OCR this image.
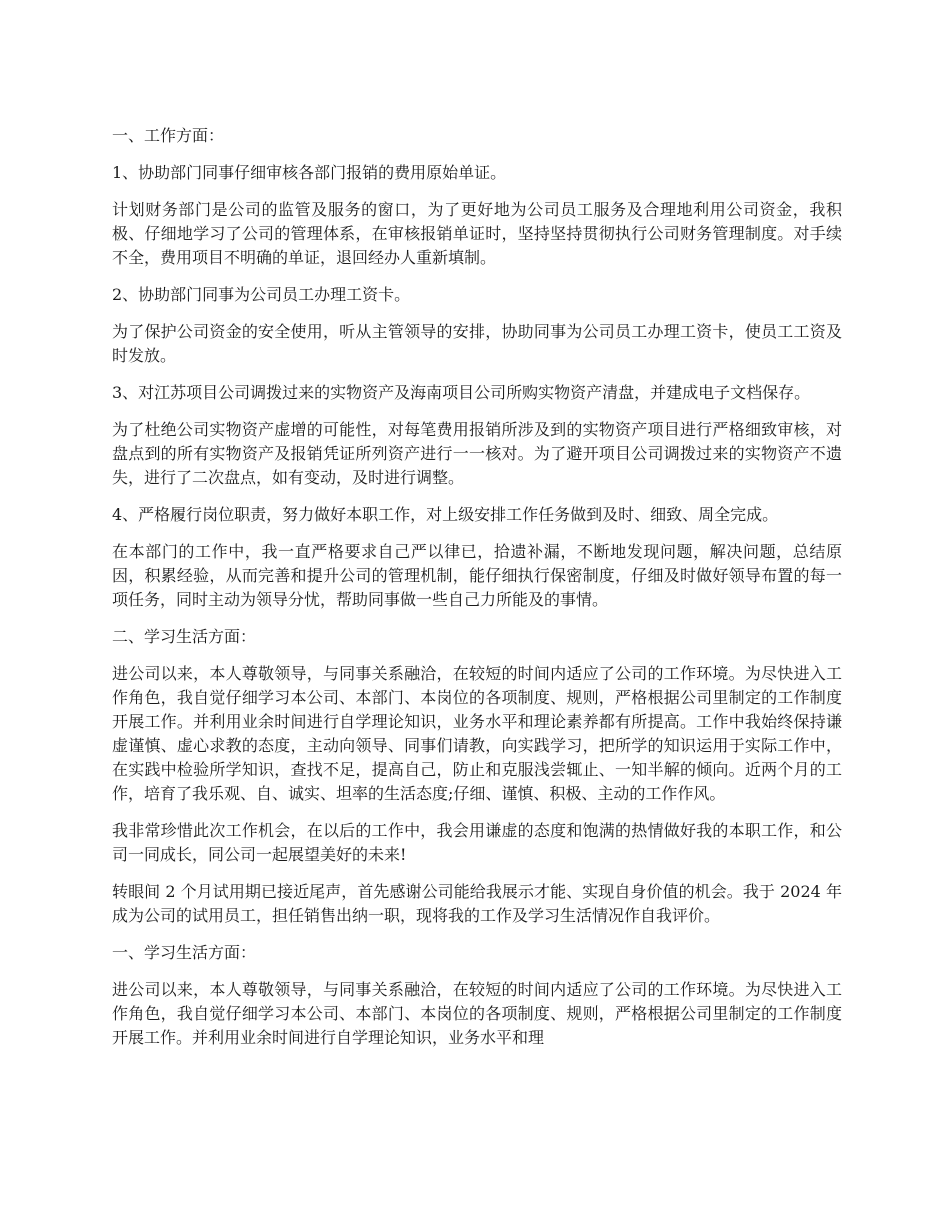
一、工作方面：

1、协助部门同事仔细审核各部门报销的费用原始单证。

计划财务部门是公司的监管及服务的窗口，为了更好地为公司员工服务及合理地利用公司资金，我积极、仔细地学习了公司的管理体系，在审核报销单证时，坚持坚持贯彻执行公司财务管理制度。对手续不全，费用项目不明确的单证，退回经办人重新填制。

2、协助部门同事为公司员工办理工资卡。

为了保护公司资金的安全使用，听从主管领导的安排，协助同事为公司员工办理工资卡，使员工工资及时发放。

3、对江苏项目公司调拨过来的实物资产及海南项目公司所购实物资产清盘，并建成电子文档保存。

为了杜绝公司实物资产虚增的可能性，对每笔费用报销所涉及到的实物资产项目进行严格细致审核，对盘点到的所有实物资产及报销凭证所列资产进行一一核对。为了避开项目公司调拨过来的实物资产不遗失，进行了二次盘点，如有变动，及时进行调整。

4、严格履行岗位职责，努力做好本职工作，对上级安排工作任务做到及时、细致、周全完成。

在本部门的工作中，我一直严格要求自己严以律已，拾遗补漏，不断地发现问题，解决问题，总结原因，积累经验，从而完善和提升公司的管理机制，能仔细执行保密制度，仔细及时做好领导布置的每一项任务，同时主动为领导分忧，帮助同事做一些自己力所能及的事情。

二、学习生活方面：

进公司以来，本人尊敬领导，与同事关系融洽，在较短的时间内适应了公司的工作环境。为尽快进入工作角色，我自觉仔细学习本公司、本部门、本岗位的各项制度、规则，严格根据公司里制定的工作制度开展工作。并利用业余时间进行自学理论知识，业务水平和理论素养都有所提高。工作中我始终保持谦虚谨慎、虚心求教的态度，主动向领导、同事们请教，向实践学习，把所学的知识运用于实际工作中，在实践中检验所学知识，查找不足，提高自己，防止和克服浅尝辄止、一知半解的倾向。近两个月的工作，培育了我乐观、自、诚实、坦率的生活态度;仔细、谨慎、积极、主动的工作作风。

我非常珍惜此次工作机会，在以后的工作中，我会用谦虚的态度和饱满的热情做好我的本职工作，和公司一同成长，同公司一起展望美好的未来!

转眼间 2 个月试用期已接近尾声，首先感谢公司能给我展示才能、实现自身价值的机会。我于 2024 年成为公司的试用员工，担任销售出纳一职，现将我的工作及学习生活情况作自我评价。

一、学习生活方面：

进公司以来，本人尊敬领导，与同事关系融洽，在较短的时间内适应了公司的工作环境。为尽快进入工作角色，我自觉仔细学习本公司、本部门、本岗位的各项制度、规则，严格根据公司里制定的工作制度开展工作。并利用业余时间进行自学理论知识，业务水平和理
